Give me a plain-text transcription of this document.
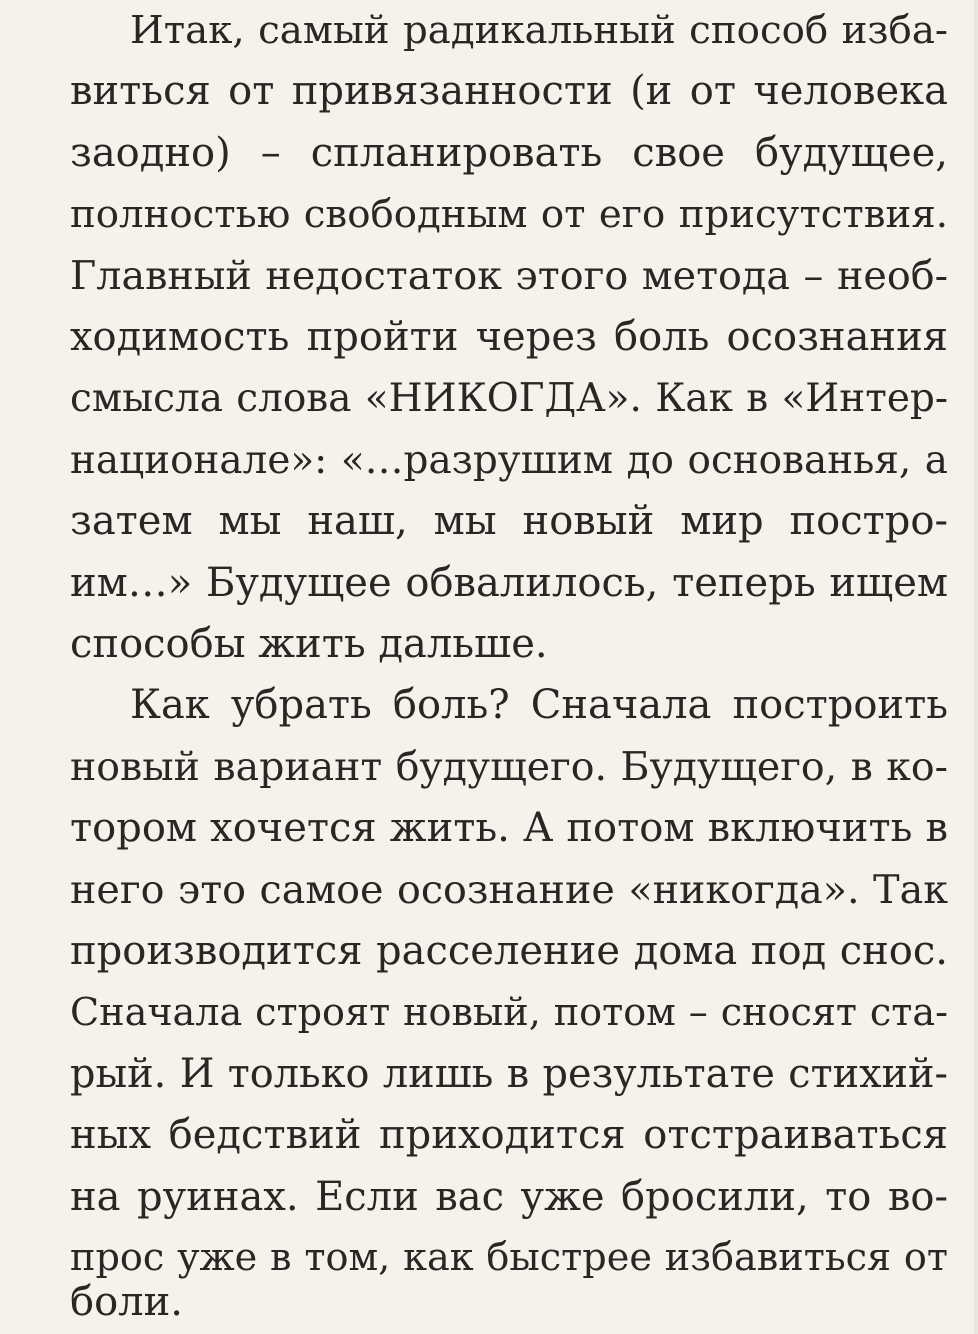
Итак, самый радикальный способ изба-
виться от привязанности (и от человека
заодно) – спланировать свое будущее,
полностью свободным от его присутствия.
Главный недостаток этого метода – необ-
ходимость пройти через боль осознания
смысла слова «НИКОГДА». Как в «Интер-
национале»: «…разрушим до основанья, а
затем мы наш, мы новый мир постро-
им…» Будущее обвалилось, теперь ищем
способы жить дальше.
Как убрать боль? Сначала построить
новый вариант будущего. Будущего, в ко-
тором хочется жить. А потом включить в
него это самое осознание «никогда». Так
производится расселение дома под снос.
Сначала строят новый, потом – сносят ста-
рый. И только лишь в результате стихий-
ных бедствий приходится отстраиваться
на руинах. Если вас уже бросили, то во-
прос уже в том, как быстрее избавиться от
боли.
